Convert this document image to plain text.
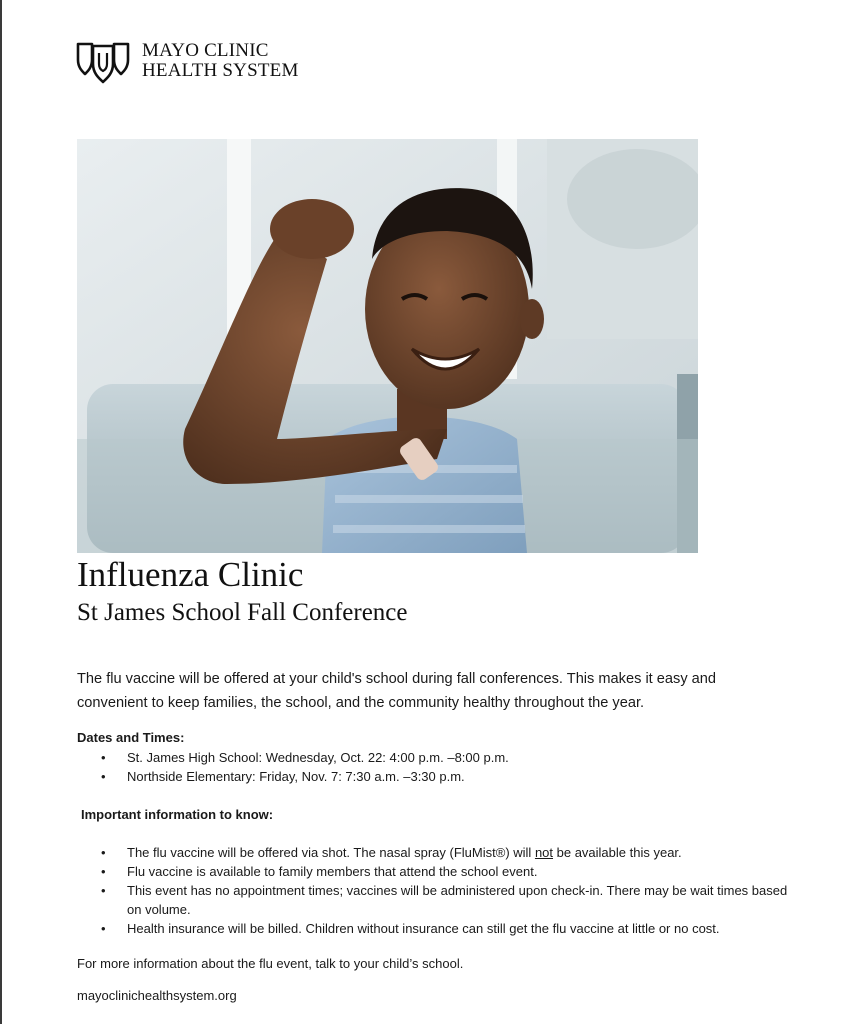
MAYO CLINIC
HEALTH SYSTEM
Influenza Clinic
St James School Fall Conference
The flu vaccine will be offered at your child's school during fall conferences. This makes it easy and convenient to keep families, the school, and the community healthy throughout the year.
Dates and Times:
• St. James High School: Wednesday, Oct. 22: 4:00 p.m. –8:00 p.m.
• Northside Elementary: Friday, Nov. 7: 7:30 a.m. –3:30 p.m.
Important information to know:
• The flu vaccine will be offered via shot. The nasal spray (FluMist®) will not be available this year.
• Flu vaccine is available to family members that attend the school event.
• This event has no appointment times; vaccines will be administered upon check-in. There may be wait times based on volume.
• Health insurance will be billed. Children without insurance can still get the flu vaccine at little or no cost.
For more information about the flu event, talk to your child’s school.
mayoclinichealthsystem.org
